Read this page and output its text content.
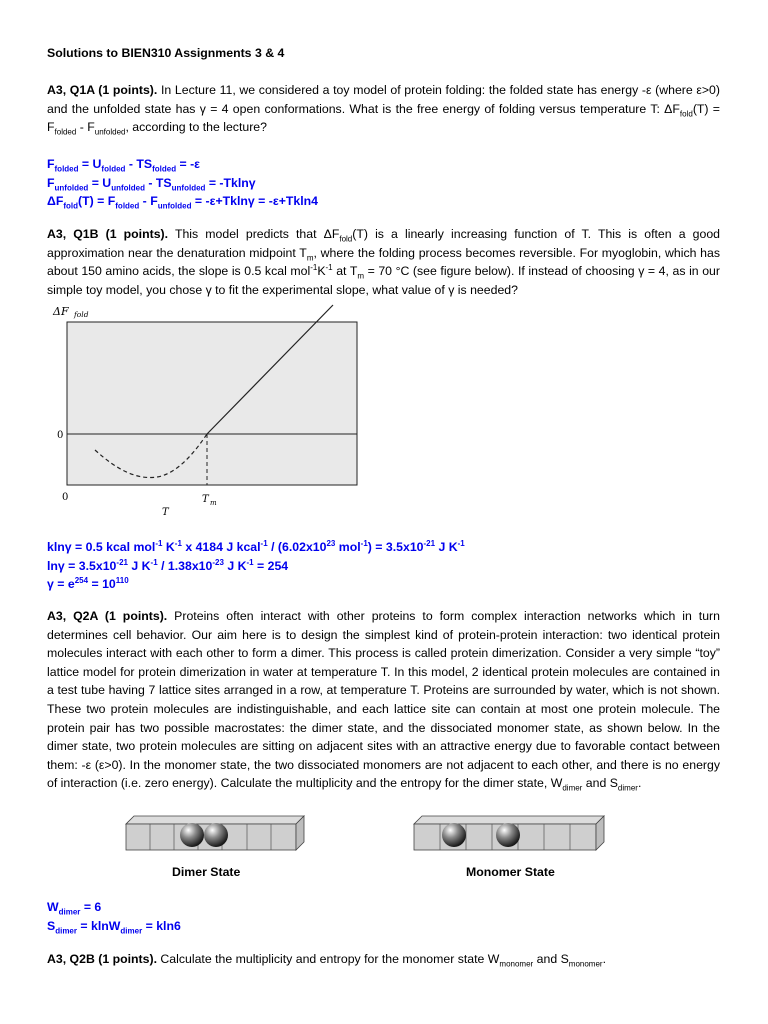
Solutions to BIEN310 Assignments 3 & 4

A3, Q1A (1 points). In Lecture 11, we considered a toy model of protein folding: the folded state has energy -ε (where ε>0) and the unfolded state has γ = 4 open conformations. What is the free energy of folding versus temperature T: $\Delta F_{fold}(T) = F_{folded} - F_{unfolded}$, according to the lecture?

$F_{folded} = U_{folded} - TS_{folded} = -\varepsilon$

$F_{unfolded} = U_{unfolded} - TS_{unfolded} = -Tkln\gamma$

$\Delta F_{fold}(T) = F_{folded} - F_{unfolded} = -\varepsilon+Tkln\gamma = -\varepsilon+Tkln4$

A3, Q1B (1 points). This model predicts that $\Delta F_{fold}(T)$ is a linearly increasing function of T. This is often a good approximation near the denaturation midpoint $T_m$, where the folding process becomes reversible. For myoglobin, which has about 150 amino acids, the slope is 0.5 kcal $mol^{-1}K^{-1}$ at $T_m = 70$ °C (see figure below). If instead of choosing γ = 4, as in our simple toy model, you chose γ to fit the experimental slope, what value of γ is needed?

ΔF fold
0
0
T
T m

klnγ = 0.5 kcal mol$^{-1}$ $K^{-1}$ x 4184 J kcal$^{-1}$ / ($6.02x10^{23}$ $mol^{-1}) = 3.5x10^{-21}$ J $K^{-1}$

$\ln\gamma = 3.5x10^{-21}$ J $K^{-1} / 1.38x10^{-23}$ J $K^{-1} = 254$

$\gamma = e^{254} = 10^{110}$

A3, Q2A (1 points). Proteins often interact with other proteins to form complex interaction networks which in turn determines cell behavior. Our aim here is to design the simplest kind of protein-protein interaction: two identical protein molecules interact with each other to form a dimer. This process is called protein dimerization. Consider a very simple “toy” lattice model for protein dimerization in water at temperature T. In this model, 2 identical protein molecules are contained in a test tube having 7 lattice sites arranged in a row, at temperature T. Proteins are surrounded by water, which is not shown. These two protein molecules are indistinguishable, and each lattice site can contain at most one protein molecule. The protein pair has two possible macrostates: the dimer state, and the dissociated monomer state, as shown below. In the dimer state, two protein molecules are sitting on adjacent sites with an attractive energy due to favorable contact between them: -ε (ε>0). In the monomer state, the two dissociated monomers are not adjacent to each other, and there is no energy of interaction (i.e. zero energy). Calculate the multiplicity and the entropy for the dimer state, $W_{dimer}$ and $S_{dimer}$.

Dimer State	Monomer State

$W_{dimer} = 6$

$S_{dimer} = klnW_{dimer} = kln6$

A3, Q2B (1 points). Calculate the multiplicity and entropy for the monomer state $W_{monomer}$ and $S_{monomer}$.
